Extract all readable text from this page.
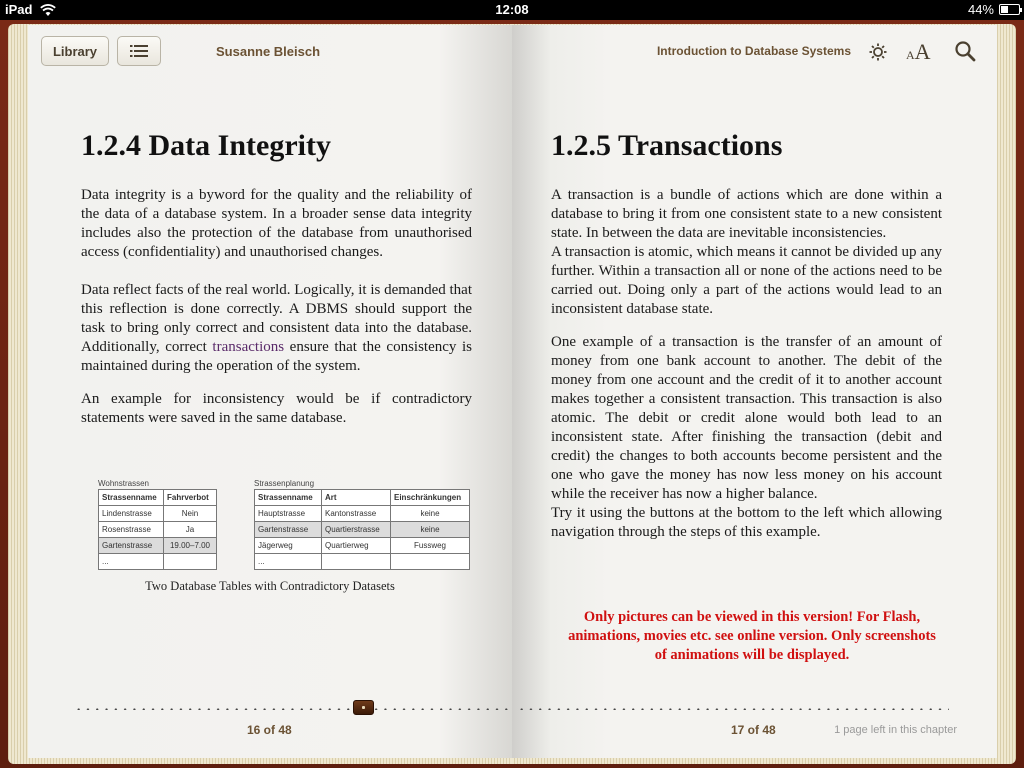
iPad	12:08	44%
Library	Susanne Bleisch
1.2.4 Data Integrity

Data integrity is a byword for the quality and the reliability of the data of a database system. In a broader sense data integrity includes also the protection of the database from unauthorised access (confidentiality) and unauthorised changes.

Data reflect facts of the real world. Logically, it is demanded that this reflection is done correctly. A DBMS should support the task to bring only correct and consistent data into the database. Additionally, correct transactions ensure that the consistency is maintained during the operation of the system.

An example for inconsistency would be if contradictory statements were saved in the same database.

Wohnstrassen
Strassenname	Fahrverbot
Lindenstrasse	Nein
Rosenstrasse	Ja
Gartenstrasse	19.00–7.00
...	
Strassenplanung
Strassenname	Art	Einschränkungen
Hauptstrasse	Kantonstrasse	keine
Gartenstrasse	Quartierstrasse	keine
Jägerweg	Quartierweg	Fussweg
...		
Two Database Tables with Contradictory Datasets
16 of 48
Introduction to Database Systems	AA
1.2.5 Transactions

A transaction is a bundle of actions which are done within a database to bring it from one consistent state to a new consistent state. In between the data are inevitable inconsistencies.

A transaction is atomic, which means it cannot be divided up any further. Within a transaction all or none of the actions need to be carried out. Doing only a part of the actions would lead to an inconsistent database state.

One example of a transaction is the transfer of an amount of money from one bank account to another. The debit of the money from one account and the credit of it to another account makes together a consistent transaction. This transaction is also atomic. The debit or credit alone would both lead to an inconsistent state. After finishing the transaction (debit and credit) the changes to both accounts become persistent and the one who gave the money has now less money on his account while the receiver has now a higher balance.

Try it using the buttons at the bottom to the left which allowing navigation through the steps of this example.

Only pictures can be viewed in this version! For Flash, animations, movies etc. see online version. Only screenshots of animations will be displayed.
17 of 48	1 page left in this chapter
